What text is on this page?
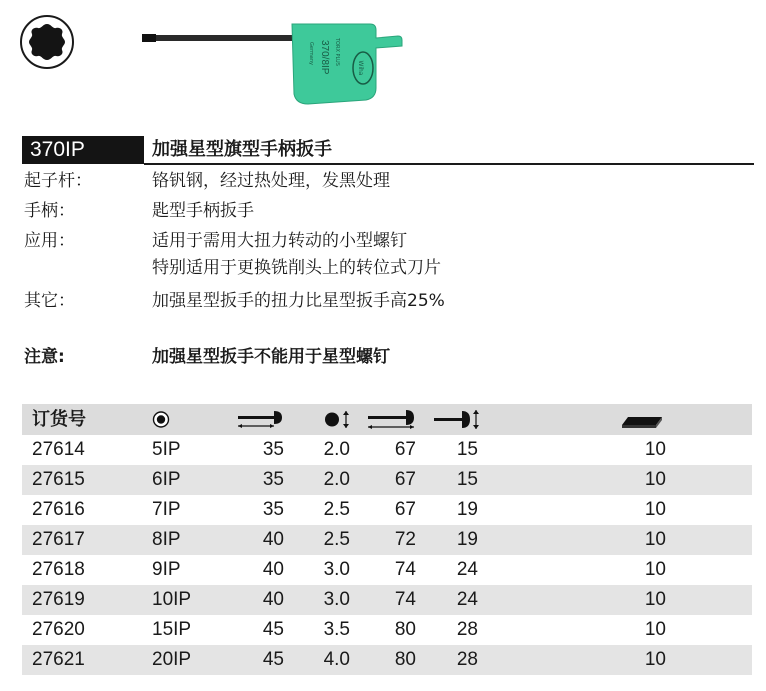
Wiha
TORX PLUS
370/8IP
Germany
370IP	加强星型旗型手柄扳手
起子杆：	铬钒钢，经过热处理，发黑处理
手柄：	匙型手柄扳手
应用：	适用于需用大扭力转动的小型螺钉
特别适用于更换铣削头上的转位式刀片
其它：	加强星型扳手的扭力比星型扳手高25%
注意:	加强星型扳手不能用于星型螺钉
订货号
27614	5IP	35	2.0	67	15	10
27615	6IP	35	2.0	67	15	10
27616	7IP	35	2.5	67	19	10
27617	8IP	40	2.5	72	19	10
27618	9IP	40	3.0	74	24	10
27619	10IP	40	3.0	74	24	10
27620	15IP	45	3.5	80	28	10
27621	20IP	45	4.0	80	28	10
